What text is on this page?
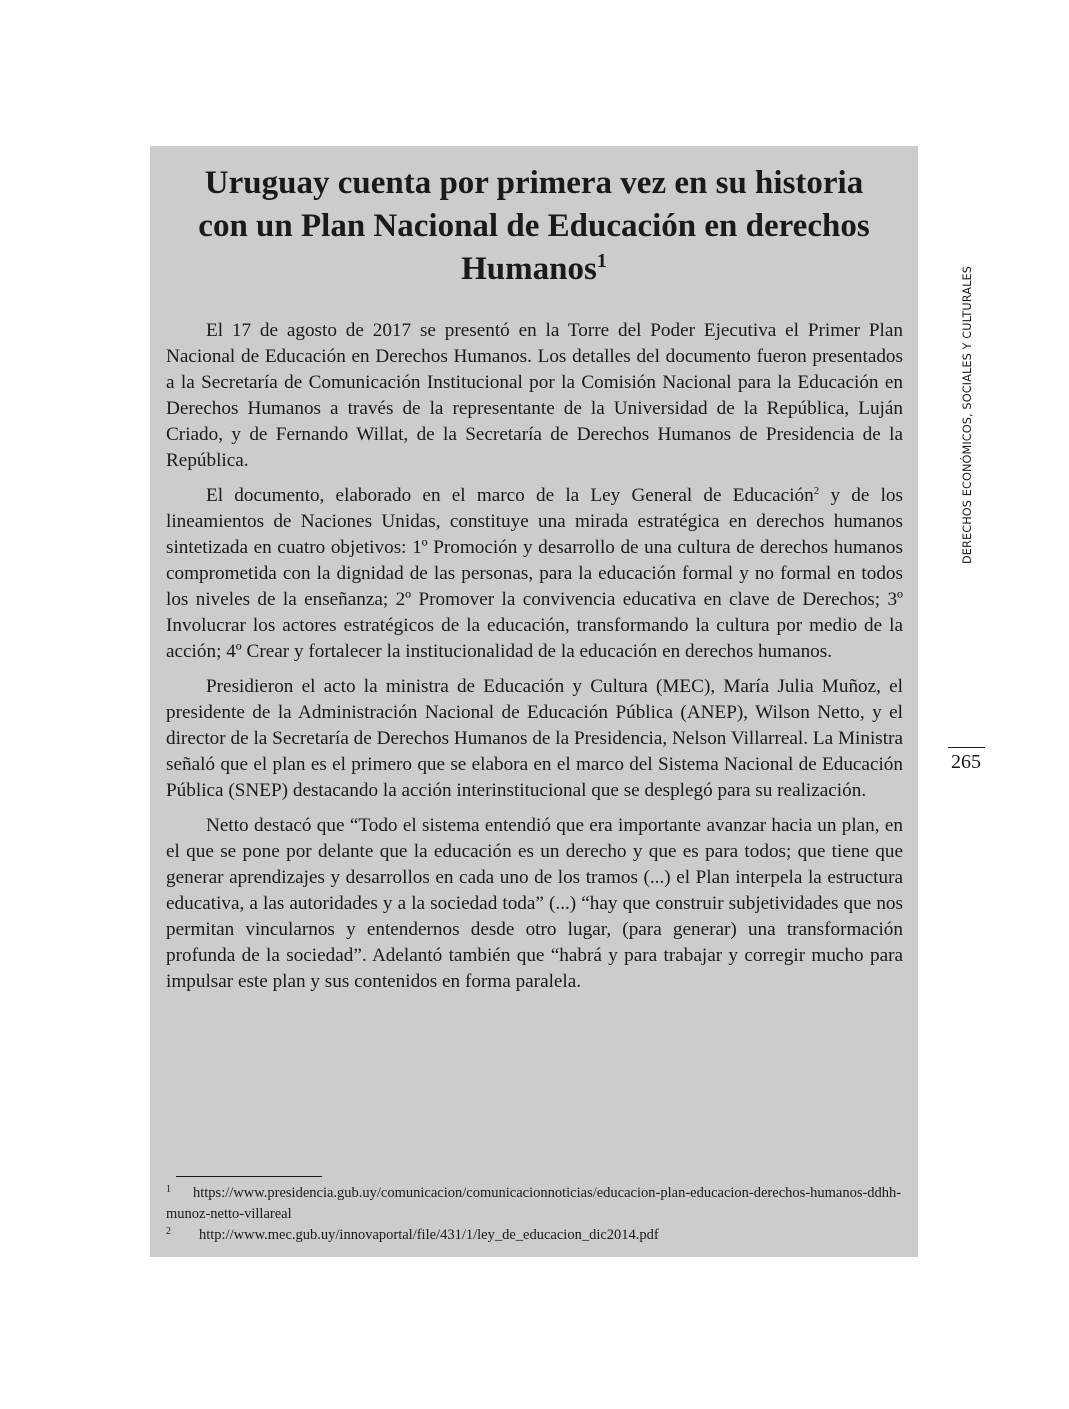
Uruguay cuenta por primera vez en su historia con un Plan Nacional de Educación en derechos Humanos$^1$

El 17 de agosto de 2017 se presentó en la Torre del Poder Ejecutiva el Primer Plan Nacional de Educación en Derechos Humanos. Los detalles del documento fueron presentados a la Secretaría de Comunicación Institucional por la Comisión Nacional para la Educación en Derechos Humanos a través de la representante de la Universidad de la República, Luján Criado, y de Fernando Willat, de la Secretaría de Derechos Humanos de Presidencia de la República.

El documento, elaborado en el marco de la Ley General de Educación$^2$ y de los lineamientos de Naciones Unidas, constituye una mirada estratégica en derechos humanos sintetizada en cuatro objetivos: 1º Promoción y desarrollo de una cultura de derechos humanos comprometida con la dignidad de las personas, para la educación formal y no formal en todos los niveles de la enseñanza; 2º Promover la convivencia educativa en clave de Derechos; 3º Involucrar los actores estratégicos de la educación, transformando la cultura por medio de la acción; 4º Crear y fortalecer la institucionalidad de la educación en derechos humanos.

Presidieron el acto la ministra de Educación y Cultura (MEC), María Julia Muñoz, el presidente de la Administración Nacional de Educación Pública (ANEP), Wilson Netto, y el director de la Secretaría de Derechos Humanos de la Presidencia, Nelson Villarreal. La Ministra señaló que el plan es el primero que se elabora en el marco del Sistema Nacional de Educación Pública (SNEP) destacando la acción interinstitucional que se desplegó para su realización.

Netto destacó que “Todo el sistema entendió que era importante avanzar hacia un plan, en el que se pone por delante que la educación es un derecho y que es para todos; que tiene que generar aprendizajes y desarrollos en cada uno de los tramos (...) el Plan interpela la estructura educativa, a las autoridades y a la sociedad toda” (...) “hay que construir subjetividades que nos permitan vincularnos y entendernos desde otro lugar, (para generar) una transformación profunda de la sociedad”. Adelantó también que “habrá y para trabajar y corregir mucho para impulsar este plan y sus contenidos en forma paralela.

1	https://www.presidencia.gub.uy/comunicacion/comunicacionnoticias/educacion-plan-educacion-derechos-humanos-ddhh-munoz-netto-villareal

2	http://www.mec.gub.uy/innovaportal/file/431/1/ley_de_educacion_dic2014.pdf

DERECHOS ECONÓMICOS, SOCIALES Y CULTURALES
265
